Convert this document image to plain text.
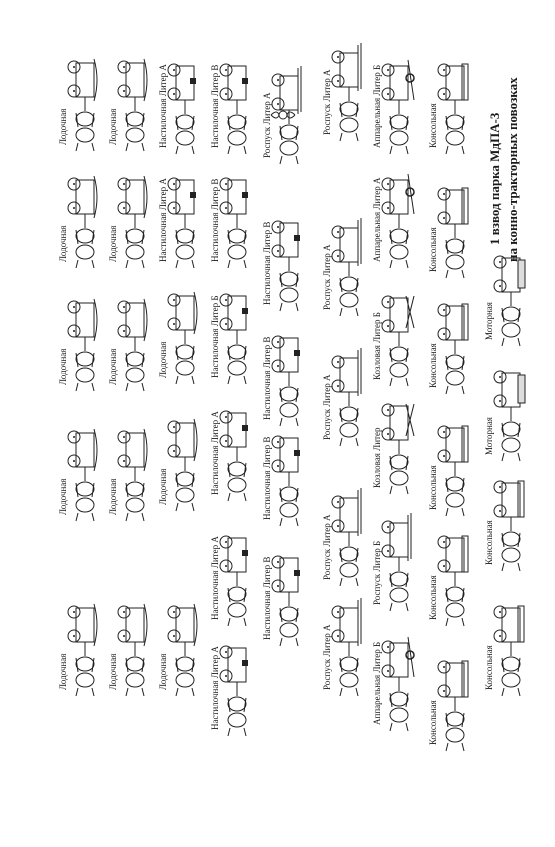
Лодочная
Лодочная
Лодочная
Лодочная
Лодочная
Лодочная
Лодочная
Лодочная
Лодочная
Лодочная
Настилочная Литер А
Настилочная Литер А
Лодочная
Лодочная
Лодочная
Настилочная Литер В
Настилочная Литер В
Настилочная Литер Б
Настилочная Литер А
Настилочная Литер А
Настилочная Литер А
Роспуск Литер А
Настилочная Литер В
Настилочная Литер В
Настилочная Литер В
Настилочная Литер В
Роспуск Литер А
Роспуск Литер А
Роспуск Литер А
Роспуск Литер А
Роспуск Литер А
Аппарельная Литер Б
Аппарельная Литер А
Козловая Литер Б
Козловая Литер
Роспуск Литер Б
Аппарельная Литер Б
Консольная
Консольная
Консольная
Консольная
Консольная
Консольная
Моторная
Моторная
Консольная
Консольная
1 взвод парка МдПА-3 на конно-тракторных повозках
